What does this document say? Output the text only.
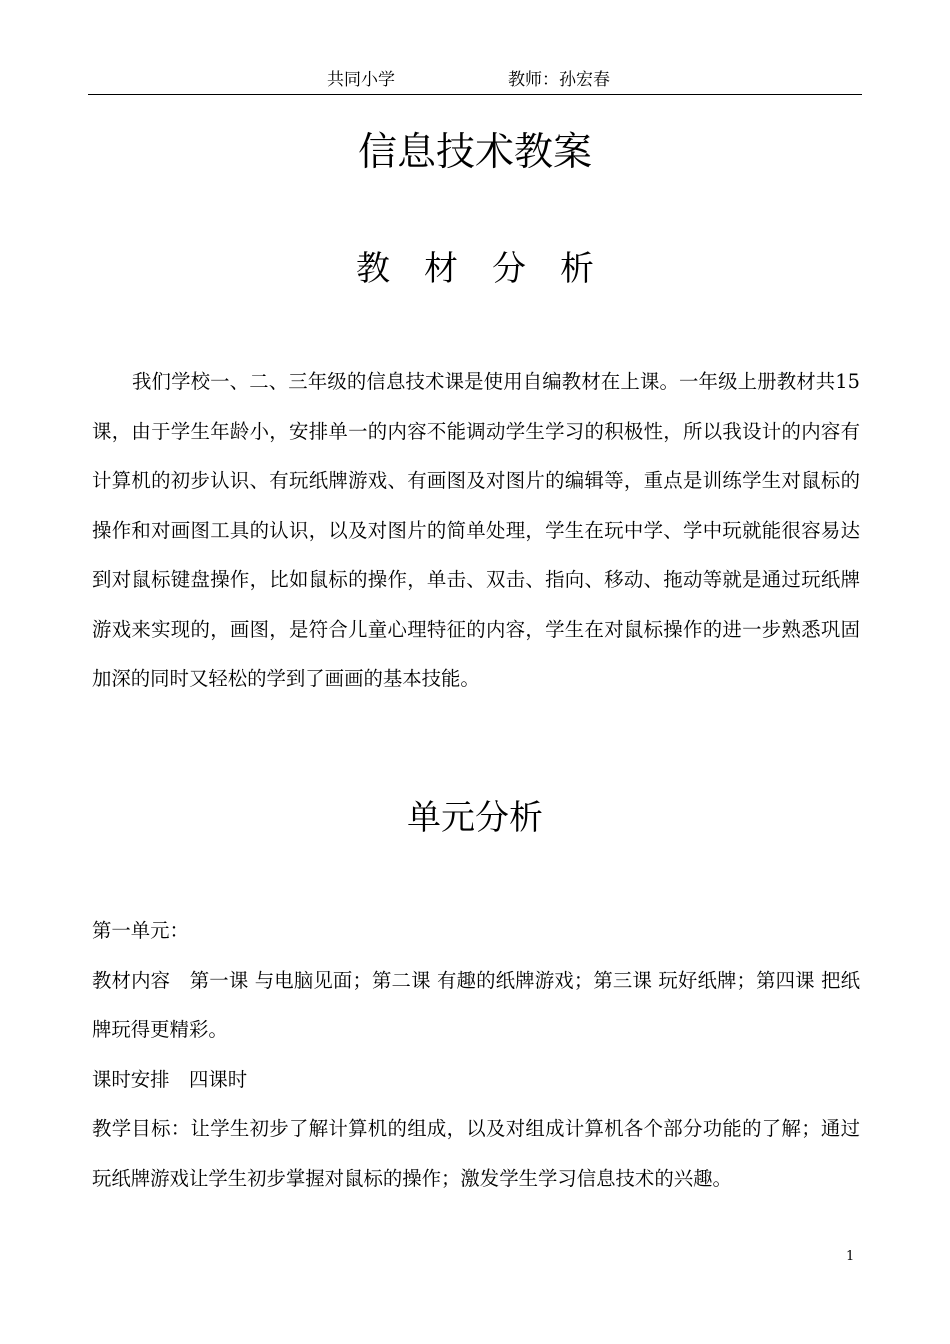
共同小学	教师：孙宏春
信息技术教案
教材分析

我们学校一、二、三年级的信息技术课是使用自编教材在上课。一年级上册教材共15课，由于学生年龄小，安排单一的内容不能调动学生学习的积极性，所以我设计的内容有计算机的初步认识、有玩纸牌游戏、有画图及对图片的编辑等，重点是训练学生对鼠标的操作和对画图工具的认识，以及对图片的简单处理，学生在玩中学、学中玩就能很容易达到对鼠标键盘操作，比如鼠标的操作，单击、双击、指向、移动、拖动等就是通过玩纸牌游戏来实现的，画图，是符合儿童心理特征的内容，学生在对鼠标操作的进一步熟悉巩固加深的同时又轻松的学到了画画的基本技能。

单元分析

第一单元：

教材内容　第一课 与电脑见面；第二课 有趣的纸牌游戏；第三课 玩好纸牌；第四课 把纸牌玩得更精彩。

课时安排　四课时

教学目标：让学生初步了解计算机的组成，以及对组成计算机各个部分功能的了解；通过玩纸牌游戏让学生初步掌握对鼠标的操作；激发学生学习信息技术的兴趣。

1
